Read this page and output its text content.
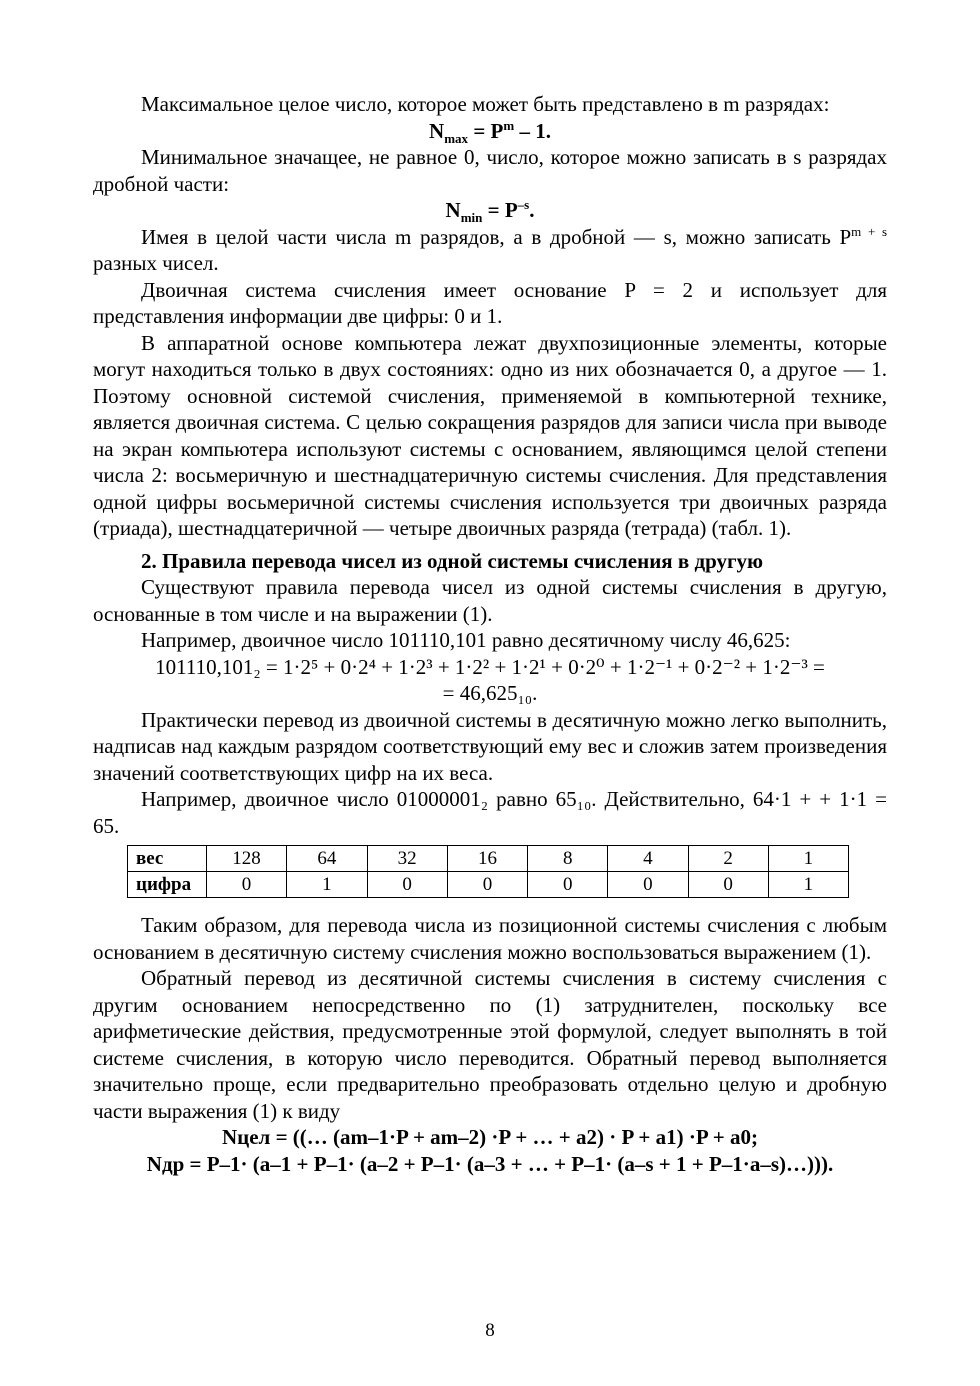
Максимальное целое число, которое может быть представлено в m разрядах:

$N_{max} = P^m - 1$.

Минимальное значащее, не равное 0, число, которое можно записать в s разрядах дробной части:

$N_{min} = P^{-s}$.

Имея в целой части числа m разрядов, а в дробной — s, можно записать $P^{m + s}$ разных чисел.

Двоичная система счисления имеет основание P = 2 и использует для представления информации две цифры: 0 и 1.

В аппаратной основе компьютера лежат двухпозиционные элементы, которые могут находиться только в двух состояниях: одно из них обозначается 0, а другое — 1. Поэтому основной системой счисления, применяемой в компьютерной технике, является двоичная система. С целью сокращения разрядов для записи числа при выводе на экран компьютера используют системы с основанием, являющимся целой степени числа 2: восьмеричную и шестнадцатеричную системы счисления. Для представления одной цифры восьмеричной системы счисления используется три двоичных разряда (триада), шестнадцатеричной — четыре двоичных разряда (тетрада) (табл. 1).

2. Правила перевода чисел из одной системы счисления в другую

Существуют правила перевода чисел из одной системы счисления в другую, основанные в том числе и на выражении (1).

Например, двоичное число 101110,101 равно десятичному числу 46,625:

101110,101₂ = 1·2⁵ + 0·2⁴ + 1·2³ + 1·2² + 1·2¹ + 0·2⁰ + 1·2⁻¹ + 0·2⁻² + 1·2⁻³ =

= 46,625₁₀.

Практически перевод из двоичной системы в десятичную можно легко выполнить, надписав над каждым разрядом соответствующий ему вес и сложив затем произведения значений соответствующих цифр на их веса.

Например, двоичное число 01000001₂ равно 65₁₀. Действительно, 64·1 + + 1·1 = 65.

вес	128	64	32	16	8	4	2	1
цифра	0	1	0	0	0	0	0	1

Таким образом, для перевода числа из позиционной системы счисления с любым основанием в десятичную систему счисления можно воспользоваться выражением (1).

Обратный перевод из десятичной системы счисления в систему счисления с другим основанием непосредственно по (1) затруднителен, поскольку все арифметические действия, предусмотренные этой формулой, следует выполнять в той системе счисления, в которую число переводится. Обратный перевод выполняется значительно проще, если предварительно преобразовать отдельно целую и дробную части выражения (1) к виду

Nцел = ((… (am–1·P + am–2) ·P + … + a2) · P + a1) ·P + a0;

Nдр = P–1· (a–1 + P–1· (a–2 + P–1· (a–3 + … + P–1· (a–s + 1 + P–1·a–s)…))).

8
